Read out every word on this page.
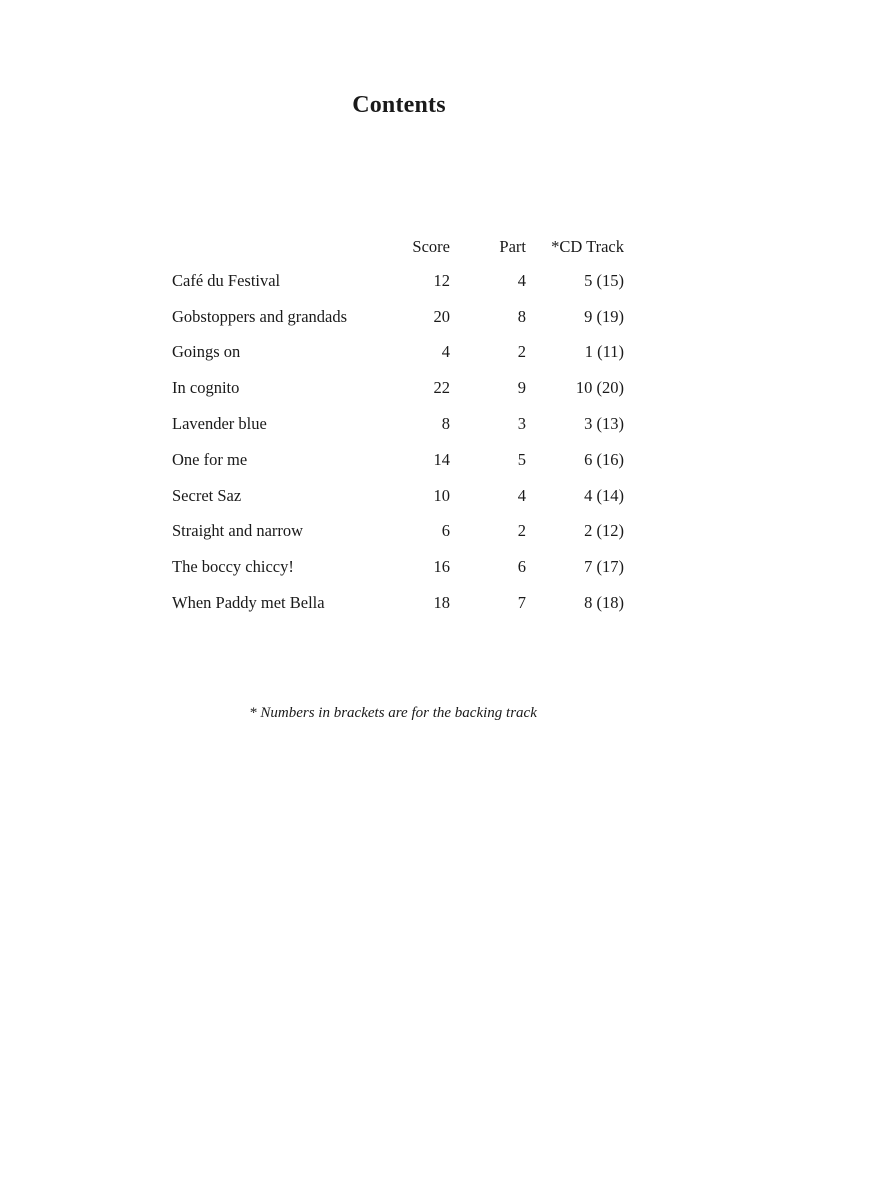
Contents
	Score	Part	*CD Track
Café du Festival	12	4	5 (15)
Gobstoppers and grandads	20	8	9 (19)
Goings on	4	2	1 (11)
In cognito	22	9	10 (20)
Lavender blue	8	3	3 (13)
One for me	14	5	6 (16)
Secret Saz	10	4	4 (14)
Straight and narrow	6	2	2 (12)
The boccy chiccy!	16	6	7 (17)
When Paddy met Bella	18	7	8 (18)
* Numbers in brackets are for the backing track
